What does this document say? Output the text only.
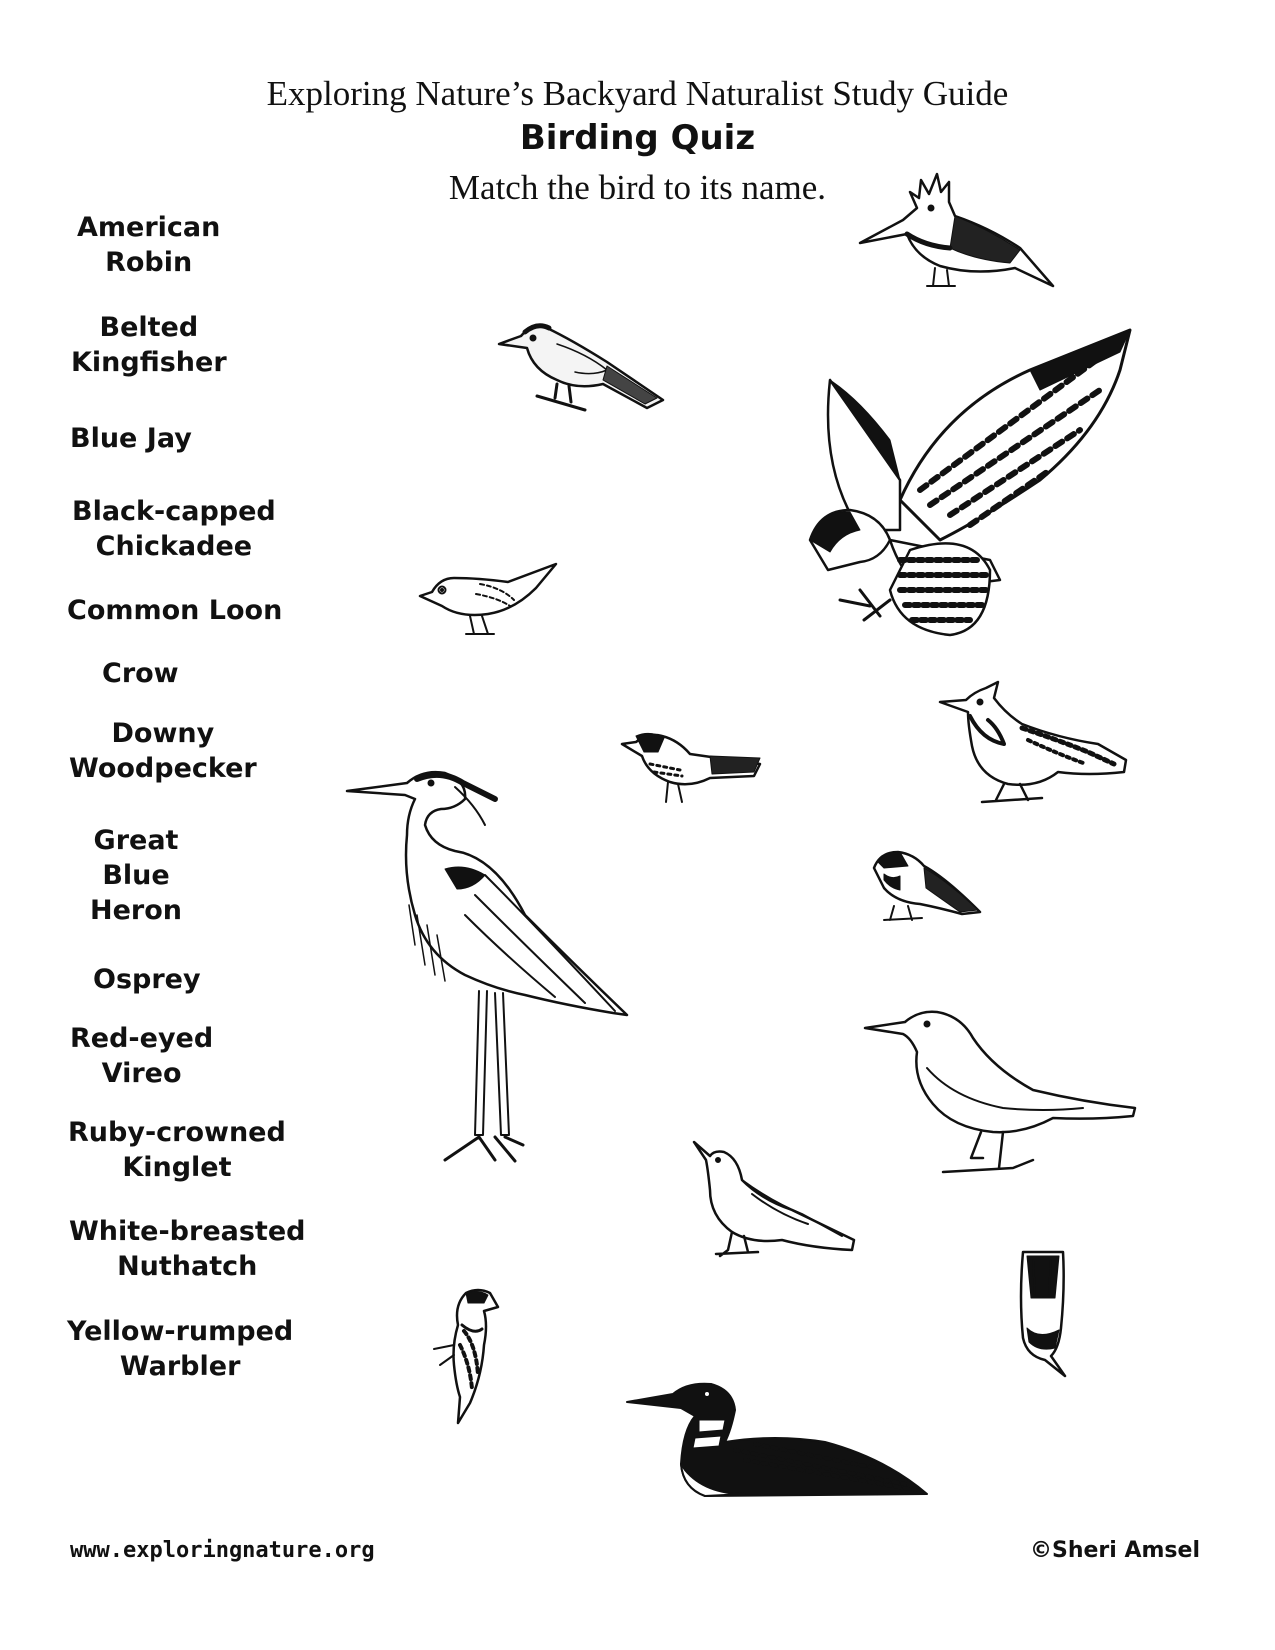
Exploring Nature’s Backyard Naturalist Study Guide
Birding Quiz
Match the bird to its name.
American
Robin
Belted
Kingfisher
Blue Jay
Black-capped
Chickadee
Common Loon
Crow
Downy
Woodpecker
Great
Blue
Heron
Osprey
Red-eyed
Vireo
Ruby-crowned
Kinglet
White-breasted
Nuthatch
Yellow-rumped
Warbler
www.exploringnature.org	©Sheri Amsel
